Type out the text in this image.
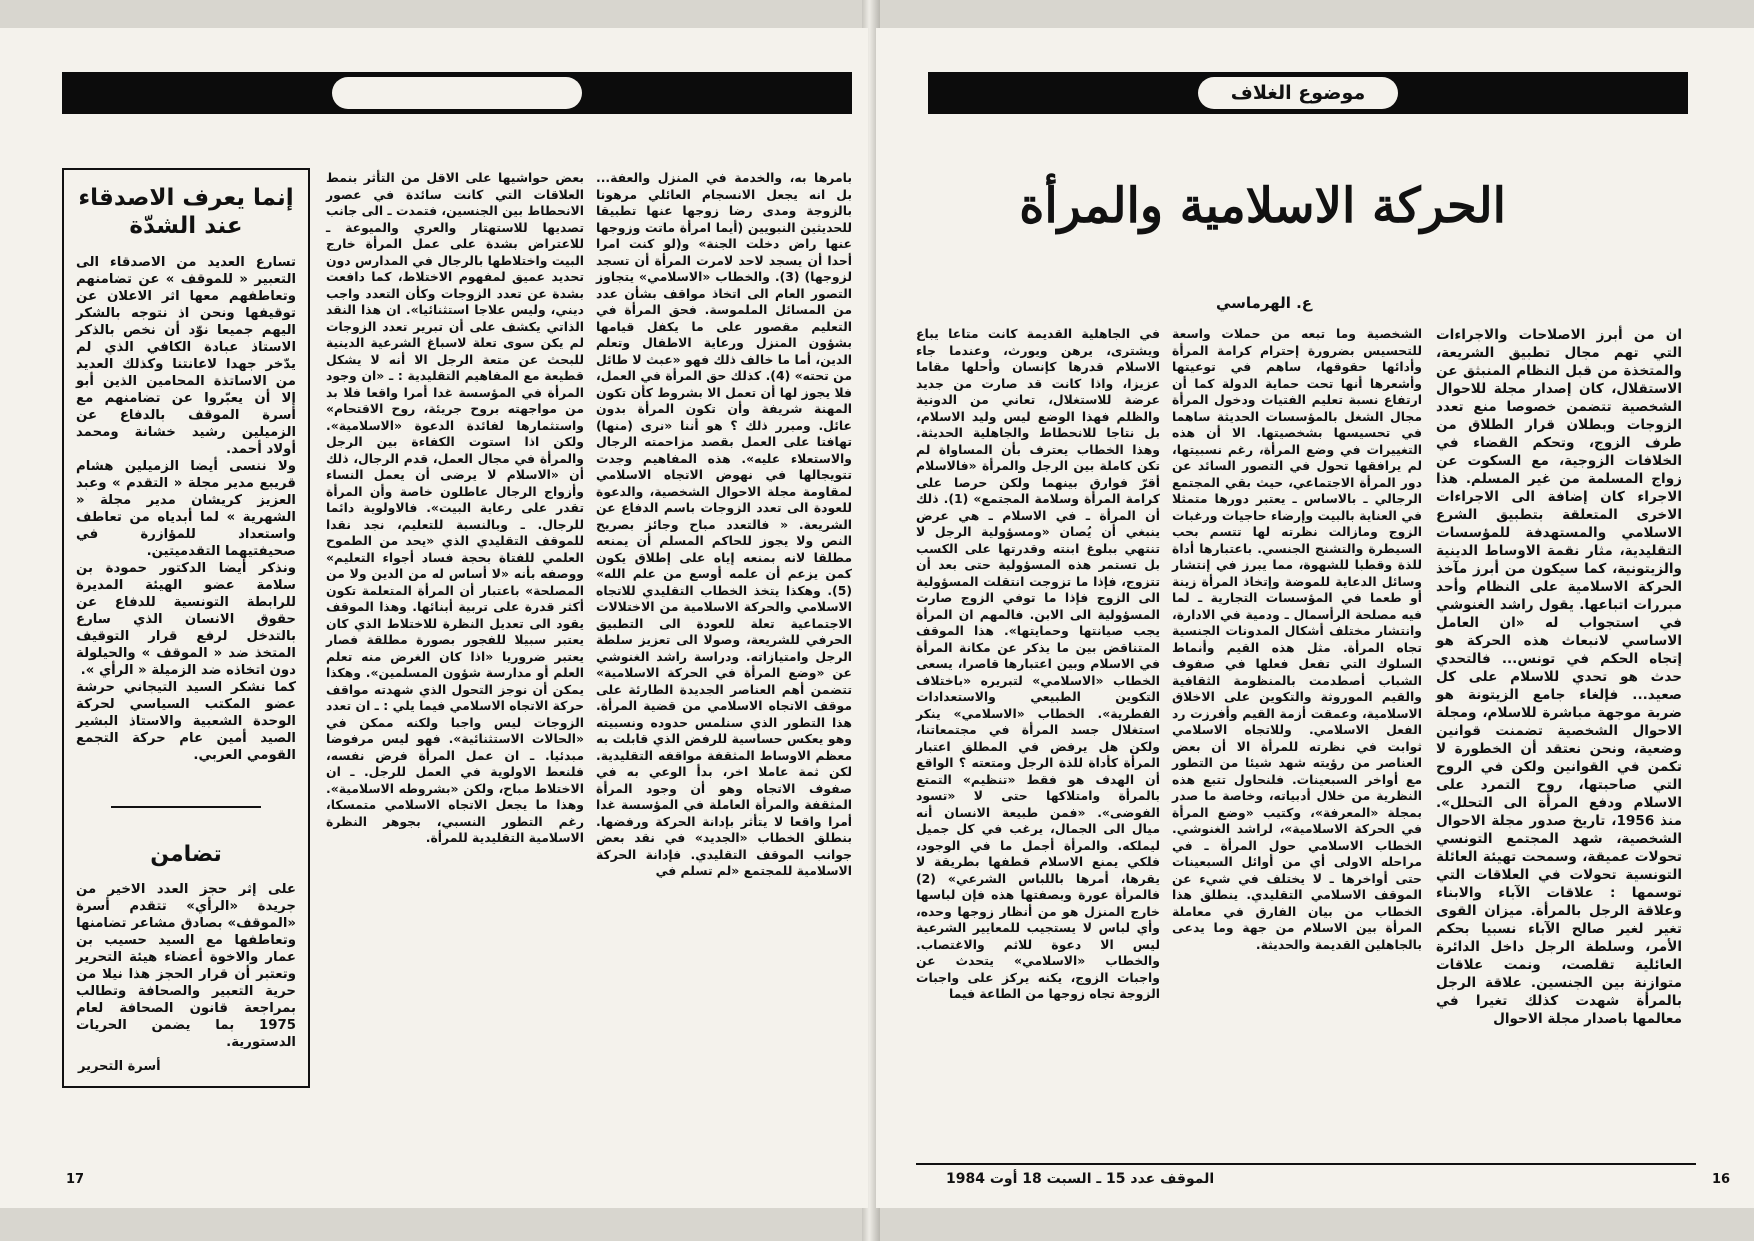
إنما يعرف الاصدقاء عند الشدّة

تسارع العديد من الاصدقاء الى التعبير « للموقف » عن تضامنهم وتعاطفهم معها اثر الاعلان عن توقيفها ونحن اذ نتوجه بالشكر اليهم جميعا نوّد أن نخص بالذكر الاستاذ عبادة الكافي الذي لم يدّخر جهدا لاعانتنا وكذلك العديد من الاساتذة المحامين الذين أبو إلا أن يعبّروا عن تضامنهم مع أسرة الموقف بالدفاع عن الزميلين رشيد خشانة ومحمد أولاد أحمد.

ولا ننسى أيضا الزميلين هشام قريبع مدير مجلة « التقدم » وعبد العزيز كريشان مدير مجلة « الشهرية » لما أبدياه من تعاطف واستعداد للمؤازرة في صحيفتيهما التقدميتين.

ونذكر أيضا الدكتور حمودة بن سلامة عضو الهيئة المديرة للرابطة التونسية للدفاع عن حقوق الانسان الذي سارع بالتدخل لرفع قرار التوقيف المتخذ ضد « الموقف » والحيلولة دون اتخاذه ضد الزميلة « الرأي ».

كما نشكر السيد التيجاني حرشة عضو المكتب السياسي لحركة الوحدة الشعبية والاستاذ البشير الصيد أمين عام حركة التجمع القومي العربي.

تضامن

على إثر حجز العدد الاخير من جريدة «الرأي» تتقدم أسرة «الموقف» بصادق مشاعر تضامنها وتعاطفها مع السيد حسيب بن عمار والاخوة أعضاء هيئة التحرير وتعتبر أن قرار الحجز هذا نيلا من حرية التعبير والصحافة وتطالب بمراجعة قانون الصحافة لعام 1975 بما يضمن الحريات الدستورية.

أسرة التحرير

بعض حواشيها على الاقل من التأثر بنمط العلاقات التي كانت سائدة في عصور الانحطاط بين الجنسين، فتمدت ـ الى جانب تصديها للاستهتار والعري والميوعة ـ للاعتراض بشدة على عمل المرأة خارج البيت واختلاطها بالرجال في المدارس دون تحديد عميق لمفهوم الاختلاط، كما دافعت بشدة عن تعدد الزوجات وكأن التعدد واجب ديني، وليس علاجا استثنائيا». ان هذا النقد الذاتي يكشف على أن تبرير تعدد الزوجات لم يكن سوى تعلة لاسباغ الشرعية الدينية للبحث عن متعة الرجل الا أنه لا يشكل قطيعة مع المفاهيم التقليدية : ـ «ان وجود المرأة في المؤسسة غدا أمرا واقعا فلا بد من مواجهته بروح جريئة، روح الاقتحام» واستثمارها لفائدة الدعوة «الاسلامية». ولكن اذا استوت الكفاءة بين الرجل والمرأة في مجال العمل، قدم الرجال، ذلك أن «الاسلام لا يرضى أن يعمل النساء وأزواج الرجال عاطلون خاصة وأن المرأة تقدر على رعاية البيت». فالاولوية دائما للرجال. ـ وبالنسبة للتعليم، نجد نقدا للموقف التقليدي الذي «يحد من الطموح العلمي للفتاة بحجة فساد أجواء التعليم» ووصفه بأنه «لا أساس له من الدين ولا من المصلحة» باعتبار أن المرأة المتعلمة تكون أكثر قدرة على تربية أبنائها. وهذا الموقف يقود الى تعديل النظرة للاختلاط الذي كان يعتبر سبيلا للفجور بصورة مطلقة فصار يعتبر ضروريا «اذا كان الغرض منه تعلم العلم أو مدارسة شؤون المسلمين». وهكذا يمكن أن نوجز التحول الذي شهدته مواقف حركة الاتجاه الاسلامي فيما يلي : ـ ان تعدد الزوجات ليس واجبا ولكنه ممكن في «الحالات الاستثنائية». فهو ليس مرفوضا مبدئيا. ـ ان عمل المرأة فرض نفسه، فلنعط الاولوية في العمل للرجل. ـ ان الاختلاط مباح، ولكن «بشروطه الاسلامية». وهذا ما يجعل الاتجاه الاسلامي متمسكا، رغم التطور النسبي، بجوهر النظرة الاسلامية التقليدية للمرأة.

بامرها به، والخدمة في المنزل والعفة... بل انه يجعل الانسجام العائلي مرهونا بالزوجة ومدى رضا زوجها عنها تطبيقا للحديثين النبويين (أيما امرأة ماتت وزوجها عنها راض دخلت الجنة» و(لو كنت امرا أحدا أن يسجد لاحد لامرت المرأة أن تسجد لزوجها) (3). والخطاب «الاسلامي» يتجاوز التصور العام الى اتخاذ مواقف بشأن عدد من المسائل الملموسة. فحق المرأة في التعليم مقصور على ما يكفل قيامها بشؤون المنزل ورعاية الاطفال وتعلم الدين، أما ما خالف ذلك فهو «عبث لا طائل من تحته» (4). كذلك حق المرأة في العمل، فلا يجوز لها أن تعمل الا بشروط كأن تكون المهنة شريفة وأن تكون المرأة بدون عائل. ومبرر ذلك ؟ هو أننا «نرى (منها) تهافتا على العمل بقصد مزاحمته الرجال والاستعلاء عليه». هذه المفاهيم وجدت تتويجالها في نهوض الاتجاه الاسلامي لمقاومة مجلة الاحوال الشخصية، والدعوة للعودة الى تعدد الزوجات باسم الدفاع عن الشريعة. « فالتعدد مباح وجائز بصريح النص ولا يجوز للحاكم المسلم أن يمنعه مطلقا لانه بمنعه إياه على إطلاق يكون كمن يزعم أن علمه أوسع من علم الله» (5). وهكذا يتخذ الخطاب التقليدي للاتجاه الاسلامي والحركة الاسلامية من الاختلالات الاجتماعية تعلة للعودة الى التطبيق الحرفي للشريعة، وصولا الى تعزيز سلطة الرجل وامتيازاته. ودراسة راشد الغنوشي عن «وضع المرأة في الحركة الاسلامية» تتضمن أهم العناصر الجديدة الطارئة على موقف الاتجاه الاسلامي من قضية المرأة. هذا التطور الذي سنلمس حدوده ونسبيته وهو يعكس حساسية للرفض الذي قابلت به معظم الاوساط المثقفة مواقفه التقليدية. لكن ثمة عاملا اخر، بدأ الوعي به في صفوف الاتجاه وهو أن وجود المرأة المثقفة والمرأة العاملة في المؤسسة غدا أمرا واقعا لا يتأثر بإدانة الحركة ورفضها. بنطلق الخطاب «الجديد» في نقد بعض جوانب الموقف التقليدي. فإدانة الحركة الاسلامية للمجتمع «لم تسلم في

17
موضوع الغلاف
الحركة الاسلامية والمرأة
ع. الهرماسي

ان من أبرز الاصلاحات والاجراءات التي تهم مجال تطبيق الشريعة، والمتخذة من قبل النظام المنبثق عن الاستقلال، كان إصدار مجلة للاحوال الشخصية تتضمن خصوصا منع تعدد الزوجات وبطلان قرار الطلاق من طرف الزوج، وتحكم القضاء في الخلافات الزوجية، مع السكوت عن زواج المسلمة من غير المسلم. هذا الاجراء كان إضافة الى الاجراءات الاخرى المتعلقة بتطبيق الشرع الاسلامي والمستهدفة للمؤسسات التقليدية، مثار نقمة الاوساط الدينية والزيتونية، كما سيكون من أبرز مآخذ الحركة الاسلامية على النظام وأحد مبررات اتباعها. يقول راشد الغنوشي في استجواب له «ان العامل الاساسي لانبعاث هذه الحركة هو إتجاه الحكم في تونس... فالتحدي حدث هو تحدي للاسلام على كل صعيد... فإلغاء جامع الزيتونة هو ضربة موجهة مباشرة للاسلام، ومجلة الاحوال الشخصية تضمنت قوانين وضعية، ونحن نعتقد أن الخطورة لا تكمن في القوانين ولكن في الروح التي صاحبتها، روح التمرد على الاسلام ودفع المرأة الى التحلل». منذ 1956، تاريخ صدور مجلة الاحوال الشخصية، شهد المجتمع التونسي تحولات عميقة، وسمحت تهيئة العائلة التونسية تحولات في العلاقات التي توسمها : علاقات الآباء والابناء وعلاقة الرجل بالمرأة. ميزان القوى تغير لغير صالح الآباء نسبيا بحكم الأمر، وسلطة الرجل داخل الدائرة العائلية تقلصت، ونمت علاقات متوازنة بين الجنسين. علاقة الرجل بالمرأة شهدت كذلك تغيرا في معالمها باصدار مجلة الاحوال

الشخصية وما تبعه من حملات واسعة للتحسيس بضرورة إحترام كرامة المرأة وأدائها حقوقها، ساهم في توعيتها وأشعرها أنها تحت حماية الدولة كما أن ارتفاع نسبة تعليم الفتيات ودخول المرأة مجال الشغل بالمؤسسات الحديثة ساهما في تحسيسها بشخصيتها. الا أن هذه التغييرات في وضع المرأة، رغم نسبيتها، لم يرافقها تحول في التصور السائد عن دور المرأة الاجتماعي، حيث بقي المجتمع الرجالي ـ بالاساس ـ يعتبر دورها متمثلا في العناية بالبيت وإرضاء حاجيات ورغبات الزوج ومازالت نظرته لها تتسم بحب السيطرة والتشنج الجنسي. باعتبارها أداة للذة وقطبا للشهوة، مما يبرز في إنتشار وسائل الدعاية للموضة وإتخاذ المرأة زينة أو طعما في المؤسسات التجارية ـ لما فيه مصلحة الرأسمال ـ ودمية في الادارة، وانتشار مختلف أشكال المدونات الجنسية تجاه المرأة. مثل هذه القيم وأنماط السلوك التي تفعل فعلها في صفوف الشباب أصطدمت بالمنظومة الثقافية والقيم الموروثة والتكوين على الاخلاق الاسلامية، وعمقت أزمة القيم وأفرزت رد الفعل الاسلامي. وللاتجاه الاسلامي ثوابت في نظرته للمرأة الا أن بعض العناصر من رؤيته شهد شيئا من التطور مع أواخر السبعينات. فلنحاول تتبع هذه النظرية من خلال أدبياته، وخاصة ما صدر بمجلة «المعرفة»، وكتيب «وضع المرأة في الحركة الاسلامية»، لراشد الغنوشي. الخطاب الاسلامي حول المرأة ـ في مراحله الاولى أي من أوائل السبعينات حتى أواخرها ـ لا يختلف في شيء عن الموقف الاسلامي التقليدي. ينطلق هذا الخطاب من بيان الفارق في معاملة المرأة بين الاسلام من جهة وما يدعى بالجاهلين القديمة والحديثة.

في الجاهلية القديمة كانت متاعا يباع ويشترى، يرهن ويورث، وعندما جاء الاسلام قدرها كإنسان وأحلها مقاما عزيزا، واذا كانت قد صارت من جديد عرضة للاستغلال، تعاني من الدونية والظلم فهذا الوضع ليس وليد الاسلام، بل نتاجا للانحطاط والجاهلية الحديثة. وهذا الخطاب يعترف بأن المساواة لم تكن كاملة بين الرجل والمرأة «فالاسلام أقرّ فوارق بينهما ولكن حرصا على كرامة المرأة وسلامة المجتمع» (1). ذلك أن المرأة ـ في الاسلام ـ هي عرض ينبغي أن يُصان «ومسؤولية الرجل لا تنتهي ببلوغ ابنته وقدرتها على الكسب بل تستمر هذه المسؤولية حتى بعد أن تتزوج، فإذا ما تزوجت انتقلت المسؤولية الى الزوج فإذا ما توفي الزوج صارت المسؤولية الى الابن. فالمهم ان المرأة يجب صيانتها وحمايتها». هذا الموقف المتناقض بين ما يذكر عن مكانة المرأة في الاسلام وبين اعتبارها قاصرا، يسعى الخطاب «الاسلامي» لتبريره «باختلاف التكوين الطبيعي والاستعدادات الفطرية». الخطاب «الاسلامي» ينكر استغلال جسد المرأة في مجتمعاتنا، ولكن هل يرفض في المطلق اعتبار المرأة كأداة للذة الرجل ومتعته ؟ الواقع أن الهدف هو فقط «تنظيم» التمتع بالمرأة وامتلاكها حتى لا «تسود الفوضى». «فمن طبيعة الانسان أنه ميال الى الجمال، يرغب في كل جميل ليملكه. والمرأة أجمل ما في الوجود، فلكي يمنع الاسلام قطفها بطريقة لا يقرها، أمرها باللباس الشرعي» (2) فالمرأة عورة وبصفتها هذه فإن لباسها خارج المنزل هو من أنظار زوجها وحده، وأي لباس لا يستجيب للمعايير الشرعية ليس الا دعوة للاثم والاغتصاب. والخطاب «الاسلامي» يتحدث عن واجبات الزوج، يكنه يركز على واجبات الزوجة تجاه زوجها من الطاعة فيما

الموقف عدد 15 ـ السبت 18 أوت 1984	16
